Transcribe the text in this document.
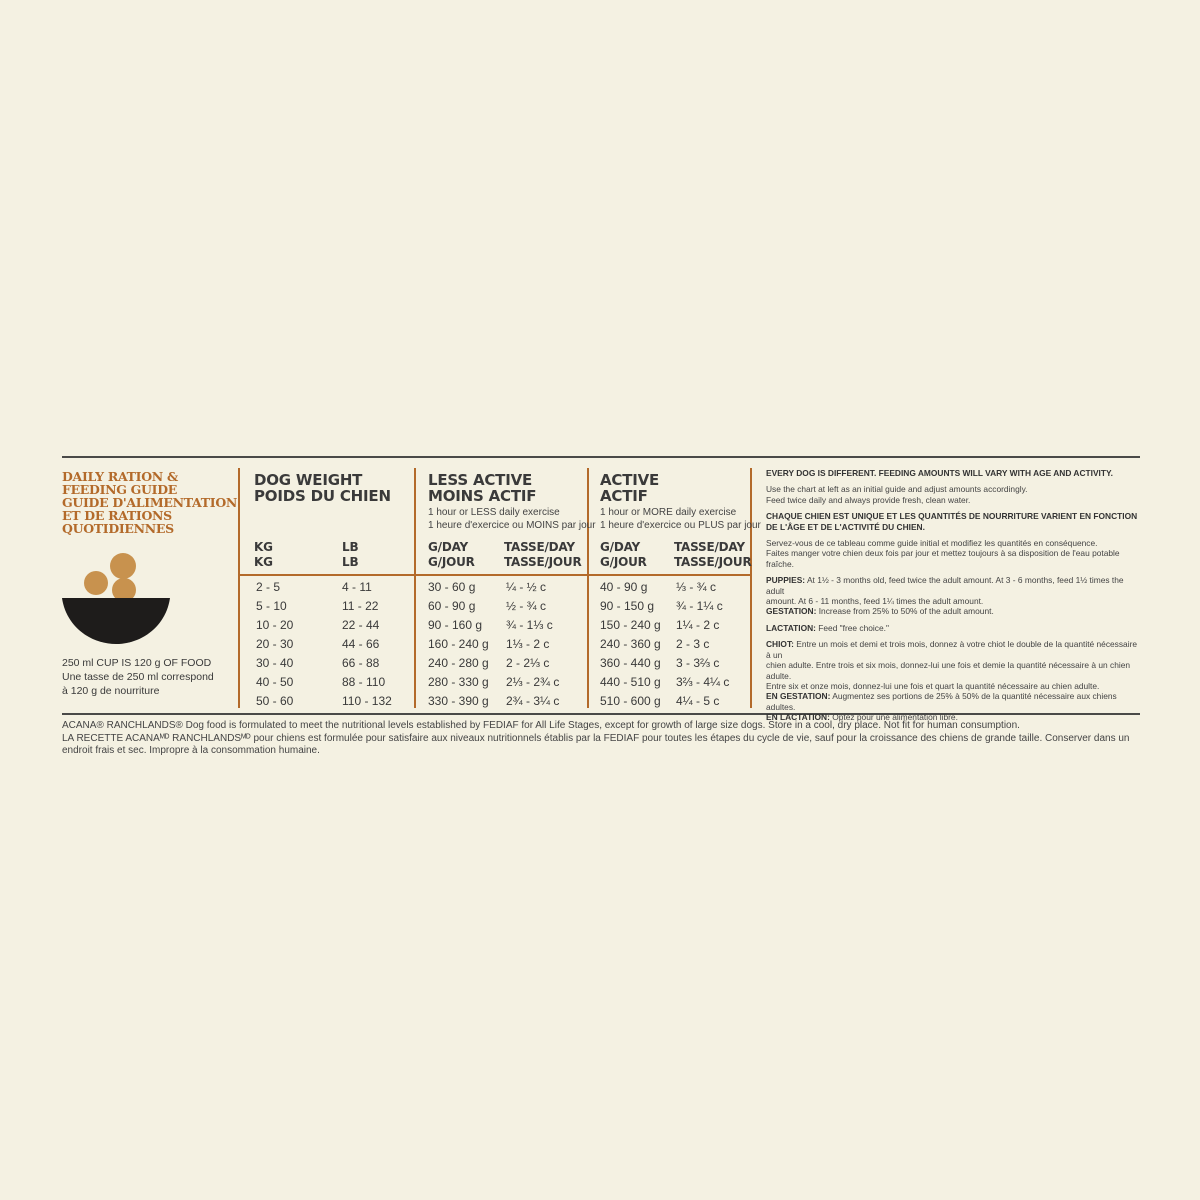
DAILY RATION &
FEEDING GUIDE
GUIDE D'ALIMENTATION
ET DE RATIONS
QUOTIDIENNES
250 ml CUP IS 120 g OF FOOD
Une tasse de 250 ml correspond
à 120 g de nourriture
DOG WEIGHT
POIDS DU CHIEN
KG
KG
LB
LB
LESS ACTIVE
MOINS ACTIF
1 hour or LESS daily exercise
1 heure d'exercice ou MOINS par jour
G/DAY
G/JOUR
TASSE/DAY
TASSE/JOUR
ACTIVE
ACTIF
1 hour or MORE daily exercise
1 heure d'exercice ou PLUS par jour
G/DAY
G/JOUR
TASSE/DAY
TASSE/JOUR
2 - 5	4 - 11	30 - 60 g	¼ - ½ c	40 - 90 g ⅓ - ¾ c
5 - 10	11 - 22	60 - 90 g	½ - ¾ c	90 - 150 g ¾ - 1¼ c
10 - 20	22 - 44	90 - 160 g ¾ - 1⅓ c	150 - 240 g 1¼ - 2 c
20 - 30	44 - 66	160 - 240 g 1⅓ - 2 c	240 - 360 g 2 - 3 c
30 - 40	66 - 88	240 - 280 g 2 - 2⅓ c	360 - 440 g 3 - 3⅔ c
40 - 50	88 - 110	280 - 330 g 2⅓ - 2¾ c	440 - 510 g 3⅔ - 4¼ c
50 - 60	110 - 132	330 - 390 g 2¾ - 3¼ c	510 - 600 g 4¼ - 5 c

EVERY DOG IS DIFFERENT. FEEDING AMOUNTS WILL VARY WITH AGE AND ACTIVITY.

Use the chart at left as an initial guide and adjust amounts accordingly.

Feed twice daily and always provide fresh, clean water.

CHAQUE CHIEN EST UNIQUE ET LES QUANTITÉS DE NOURRITURE VARIENT EN FONCTION

DE L'ÂGE ET DE L'ACTIVITÉ DU CHIEN.

Servez-vous de ce tableau comme guide initial et modifiez les quantités en conséquence.

Faites manger votre chien deux fois par jour et mettez toujours à sa disposition de l'eau potable fraîche.

PUPPIES: At 1½ - 3 months old, feed twice the adult amount. At 3 - 6 months, feed 1½ times the adult

amount. At 6 - 11 months, feed 1¼ times the adult amount.

GESTATION: Increase from 25% to 50% of the adult amount.

LACTATION: Feed "free choice."

CHIOT: Entre un mois et demi et trois mois, donnez à votre chiot le double de la quantité nécessaire à un

chien adulte. Entre trois et six mois, donnez-lui une fois et demie la quantité nécessaire à un chien adulte.

Entre six et onze mois, donnez-lui une fois et quart la quantité nécessaire au chien adulte.

EN GESTATION: Augmentez ses portions de 25% à 50% de la quantité nécessaire aux chiens adultes.

EN LACTATION: Optez pour une alimentation libre.

ACANA® RANCHLANDS® Dog food is formulated to meet the nutritional levels established by FEDIAF for All Life Stages, except for growth of large size dogs. Store in a cool, dry place. Not fit for human consumption.
LA RECETTE ACANAᴹᴰ RANCHLANDSᴹᴰ pour chiens est formulée pour satisfaire aux niveaux nutritionnels établis par la FEDIAF pour toutes les étapes du cycle de vie, sauf pour la croissance des chiens de grande taille. Conserver dans un endroit frais et sec. Impropre à la consommation humaine.
